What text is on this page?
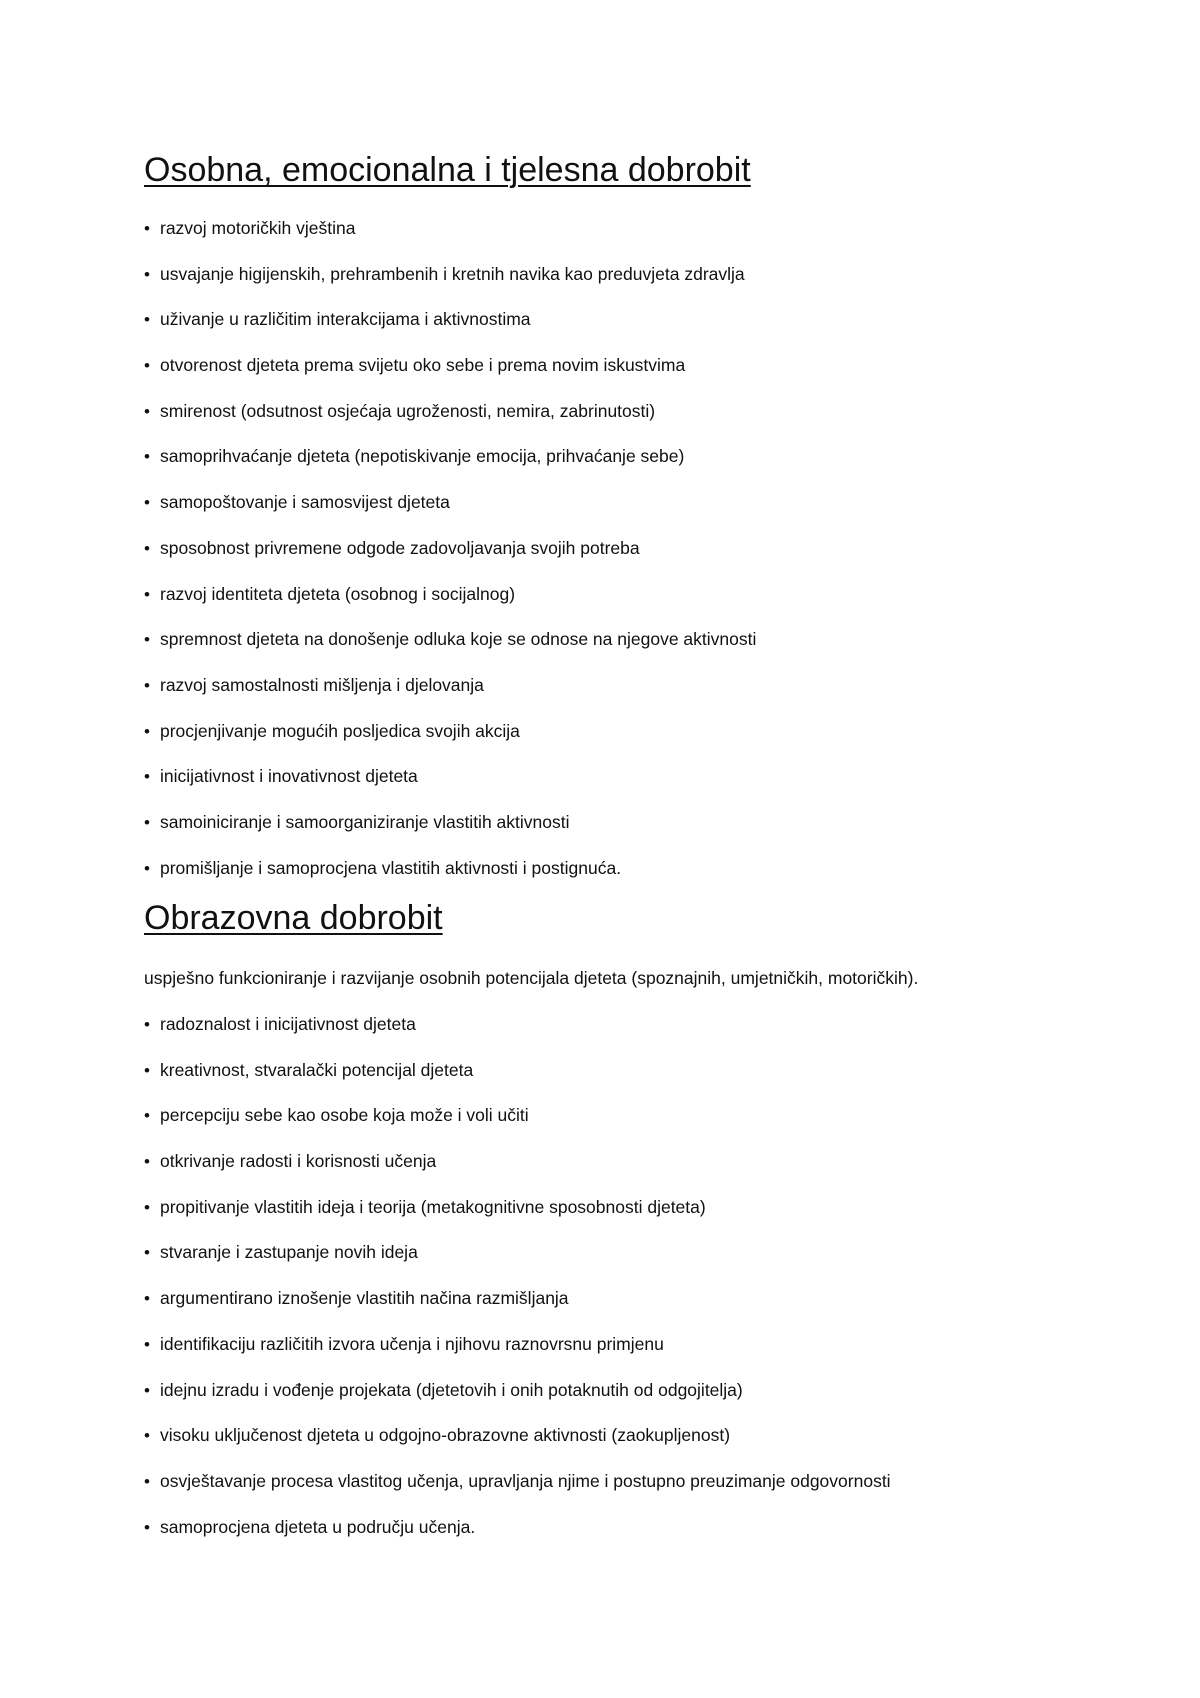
Osobna, emocionalna i tjelesna dobrobit
• razvoj motoričkih vještina
• usvajanje higijenskih, prehrambenih i kretnih navika kao preduvjeta zdravlja
• uživanje u različitim interakcijama i aktivnostima
• otvorenost djeteta prema svijetu oko sebe i prema novim iskustvima
• smirenost (odsutnost osjećaja ugroženosti, nemira, zabrinutosti)
• samoprihvaćanje djeteta (nepotiskivanje emocija, prihvaćanje sebe)
• samopoštovanje i samosvijest djeteta
• sposobnost privremene odgode zadovoljavanja svojih potreba
• razvoj identiteta djeteta (osobnog i socijalnog)
• spremnost djeteta na donošenje odluka koje se odnose na njegove aktivnosti
• razvoj samostalnosti mišljenja i djelovanja
• procjenjivanje mogućih posljedica svojih akcija
• inicijativnost i inovativnost djeteta
• samoiniciranje i samoorganiziranje vlastitih aktivnosti
• promišljanje i samoprocjena vlastitih aktivnosti i postignuća.
Obrazovna dobrobit

uspješno funkcioniranje i razvijanje osobnih potencijala djeteta (spoznajnih, umjetničkih, motoričkih).

• radoznalost i inicijativnost djeteta
• kreativnost, stvaralački potencijal djeteta
• percepciju sebe kao osobe koja može i voli učiti
• otkrivanje radosti i korisnosti učenja
• propitivanje vlastitih ideja i teorija (metakognitivne sposobnosti djeteta)
• stvaranje i zastupanje novih ideja
• argumentirano iznošenje vlastitih načina razmišljanja
• identifikaciju različitih izvora učenja i njihovu raznovrsnu primjenu
• idejnu izradu i vođenje projekata (djetetovih i onih potaknutih od odgojitelja)
• visoku uključenost djeteta u odgojno-obrazovne aktivnosti (zaokupljenost)
• osvještavanje procesa vlastitog učenja, upravljanja njime i postupno preuzimanje odgovornosti
• samoprocjena djeteta u području učenja.
